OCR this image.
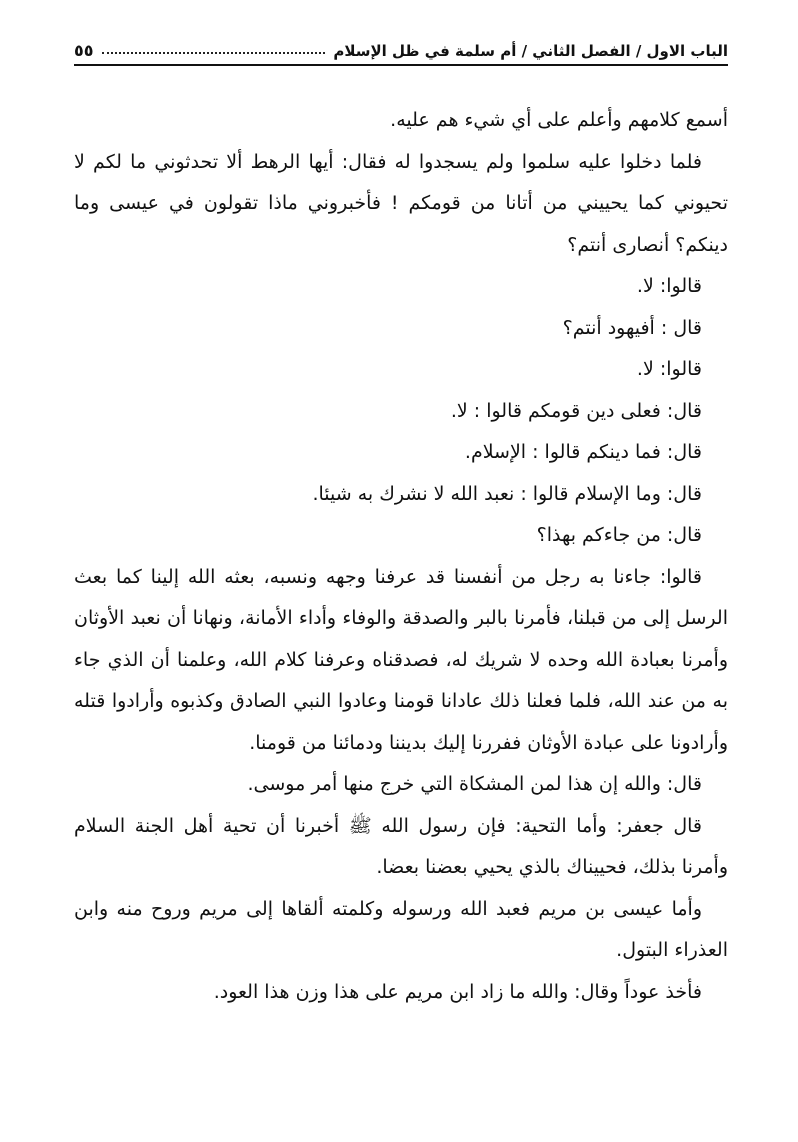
الباب الاول / الفصل الثاني / أم سلمة في ظل الإسلام
٥٥

أسمع كلامهم وأعلم على أي شيء هم عليه.

فلما دخلوا عليه سلموا ولم يسجدوا له فقال: أيها الرهط ألا تحدثوني ما لكم لا تحيوني كما يحييني من أتانا من قومكم ! فأخبروني ماذا تقولون في عيسى وما دينكم؟ أنصارى أنتم؟

قالوا: لا.

قال : أفيهود أنتم؟

قالوا: لا.

قال: فعلى دين قومكم قالوا : لا.

قال: فما دينكم قالوا : الإسلام.

قال: وما الإسلام قالوا : نعبد الله لا نشرك به شيئا.

قال: من جاءكم بهذا؟

قالوا: جاءنا به رجل من أنفسنا قد عرفنا وجهه ونسبه، بعثه الله إلينا كما بعث الرسل إلى من قبلنا، فأمرنا بالبر والصدقة والوفاء وأداء الأمانة، ونهانا أن نعبد الأوثان وأمرنا بعبادة الله وحده لا شريك له، فصدقناه وعرفنا كلام الله، وعلمنا أن الذي جاء به من عند الله، فلما فعلنا ذلك عادانا قومنا وعادوا النبي الصادق وكذبوه وأرادوا قتله وأرادونا على عبادة الأوثان ففررنا إليك بديننا ودمائنا من قومنا.

قال: والله إن هذا لمن المشكاة التي خرج منها أمر موسى.

قال جعفر: وأما التحية: فإن رسول الله ﷺ أخبرنا أن تحية أهل الجنة السلام وأمرنا بذلك، فحييناك بالذي يحيي بعضنا بعضا.

وأما عيسى بن مريم فعبد الله ورسوله وكلمته ألقاها إلى مريم وروح منه وابن العذراء البتول.

فأخذ عوداً وقال: والله ما زاد ابن مريم على هذا وزن هذا العود.
